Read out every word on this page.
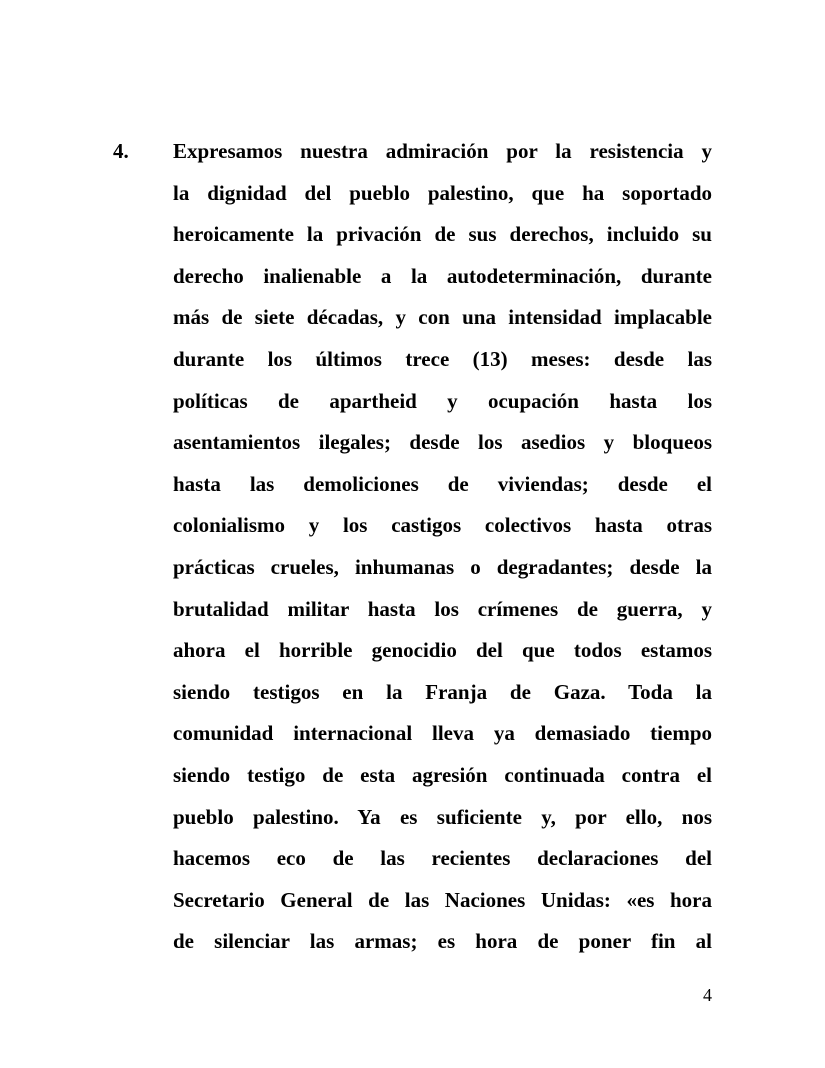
4.	Expresamos nuestra admiración por la resistencia y
la dignidad del pueblo palestino, que ha soportado
heroicamente la privación de sus derechos, incluido su
derecho inalienable a la autodeterminación, durante
más de siete décadas, y con una intensidad implacable
durante los últimos trece (13) meses: desde las
políticas de apartheid y ocupación hasta los
asentamientos ilegales; desde los asedios y bloqueos
hasta las demoliciones de viviendas; desde el
colonialismo y los castigos colectivos hasta otras
prácticas crueles, inhumanas o degradantes; desde la
brutalidad militar hasta los crímenes de guerra, y
ahora el horrible genocidio del que todos estamos
siendo testigos en la Franja de Gaza. Toda la
comunidad internacional lleva ya demasiado tiempo
siendo testigo de esta agresión continuada contra el
pueblo palestino. Ya es suficiente y, por ello, nos
hacemos eco de las recientes declaraciones del
Secretario General de las Naciones Unidas: «es hora
de silenciar las armas; es hora de poner fin al
4
